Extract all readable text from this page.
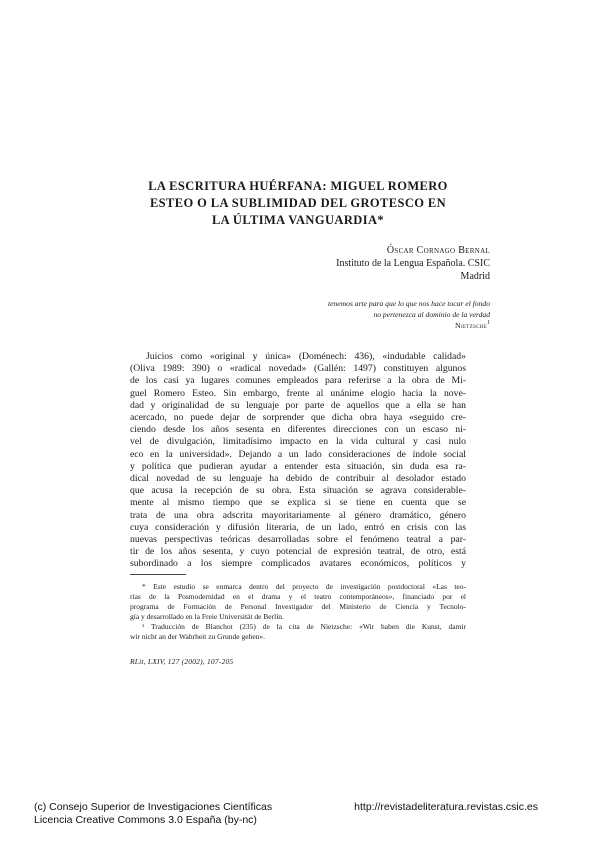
LA ESCRITURA HUÉRFANA: MIGUEL ROMERO
ESTEO O LA SUBLIMIDAD DEL GROTESCO EN
LA ÚLTIMA VANGUARDIA*
Óscar Cornago Bernal
Instituto de la Lengua Española. CSIC
Madrid
tenemos arte para que lo que nos hace tocar el fondo
no pertenezca al dominio de la verdad
Nietzsche$^1$
Juicios como «original y única» (Doménech: 436), «indudable calidad»
(Oliva 1989: 390) o «radical novedad» (Gallén: 1497) constituyen algunos
de los casi ya lugares comunes empleados para referirse a la obra de Mi-
guel Romero Esteo. Sin embargo, frente al unánime elogio hacia la nove-
dad y originalidad de su lenguaje por parte de aquellos que a ella se han
acercado, no puede dejar de sorprender que dicha obra haya «seguido cre-
ciendo desde los años sesenta en diferentes direcciones con un escaso ni-
vel de divulgación, limitadísimo impacto en la vida cultural y casi nulo
eco en la universidad». Dejando a un lado consideraciones de índole social
y política que pudieran ayudar a entender esta situación, sin duda esa ra-
dical novedad de su lenguaje ha debido de contribuir al desolador estado
que acusa la recepción de su obra. Esta situación se agrava considerable-
mente al mismo tiempo que se explica si se tiene en cuenta que se
trata de una obra adscrita mayoritariamente al género dramático, género
cuya consideración y difusión literaria, de un lado, entró en crisis con las
nuevas perspectivas teóricas desarrolladas sobre el fenómeno teatral a par-
tir de los años sesenta, y cuyo potencial de expresión teatral, de otro, está
subordinado a los siempre complicados avatares económicos, políticos y
* Este estudio se enmarca dentro del proyecto de investigación postdoctoral «Las teo-
rías de la Posmodernidad en el drama y el teatro contemporáneos», financiado por el
programa de Formación de Personal Investigador del Ministerio de Ciencia y Tecnolo-
gía y desarrollado en la Freie Universität de Berlín.
¹ Traducción de Blanchot (235) de la cita de Nietzsche: «Wir haben die Kunst, damir
wir nicht an der Wahrheit zu Grunde gehen».
RLit, LXIV, 127 (2002), 107-205
(c) Consejo Superior de Investigaciones Científicas
Licencia Creative Commons 3.0 España (by-nc)
http://revistadeliteratura.revistas.csic.es
